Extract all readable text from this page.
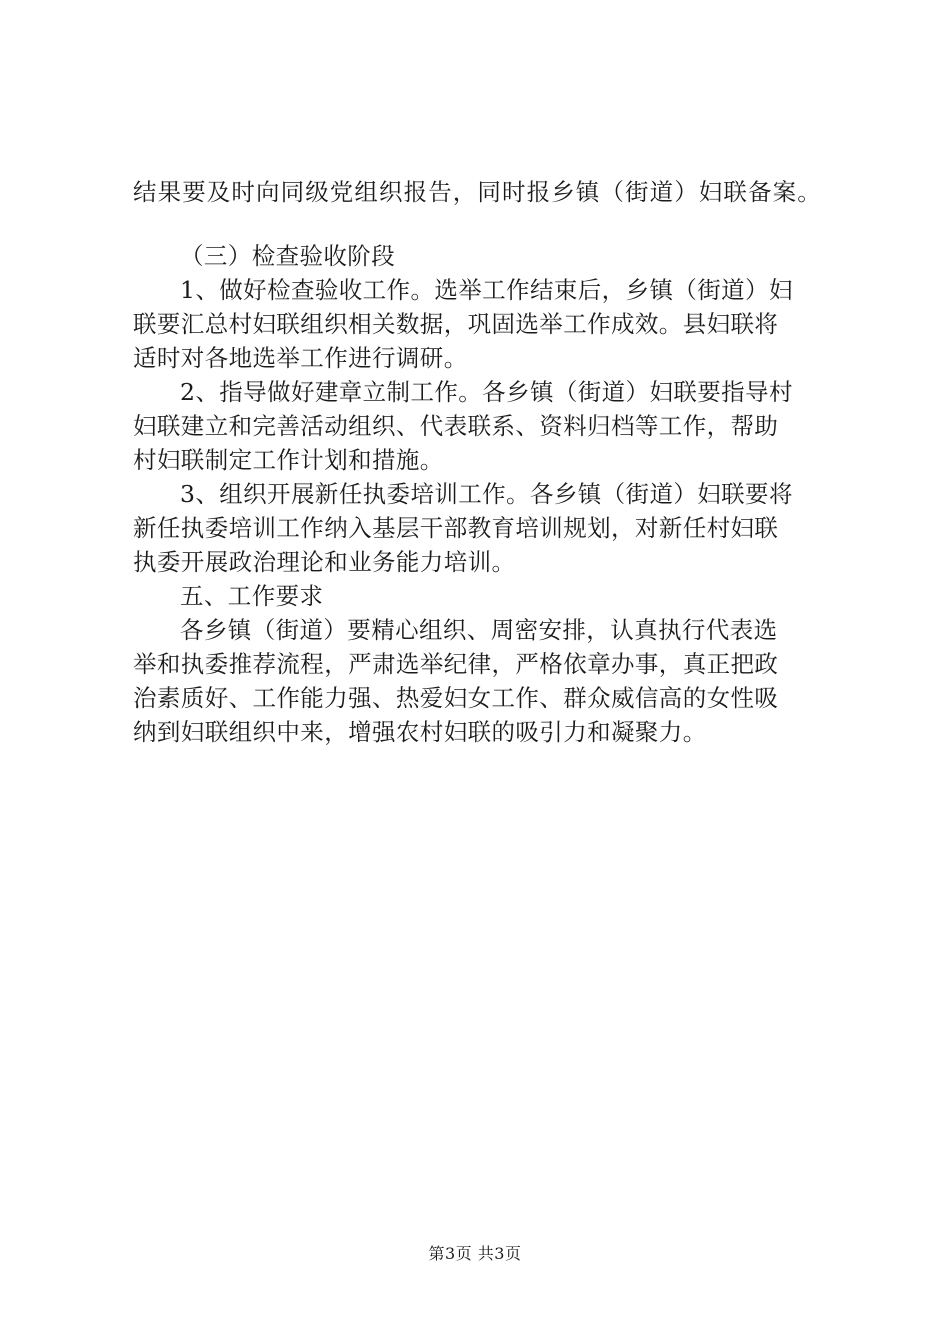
结果要及时向同级党组织报告，同时报乡镇（街道）妇联备案。
（三）检查验收阶段
1、做好检查验收工作。选举工作结束后，乡镇（街道）妇
联要汇总村妇联组织相关数据，巩固选举工作成效。县妇联将
适时对各地选举工作进行调研。
2、指导做好建章立制工作。各乡镇（街道）妇联要指导村
妇联建立和完善活动组织、代表联系、资料归档等工作，帮助
村妇联制定工作计划和措施。
3、组织开展新任执委培训工作。各乡镇（街道）妇联要将
新任执委培训工作纳入基层干部教育培训规划，对新任村妇联
执委开展政治理论和业务能力培训。
五、工作要求
各乡镇（街道）要精心组织、周密安排，认真执行代表选
举和执委推荐流程，严肃选举纪律，严格依章办事，真正把政
治素质好、工作能力强、热爱妇女工作、群众威信高的女性吸
纳到妇联组织中来，增强农村妇联的吸引力和凝聚力。
第3页 共3页
